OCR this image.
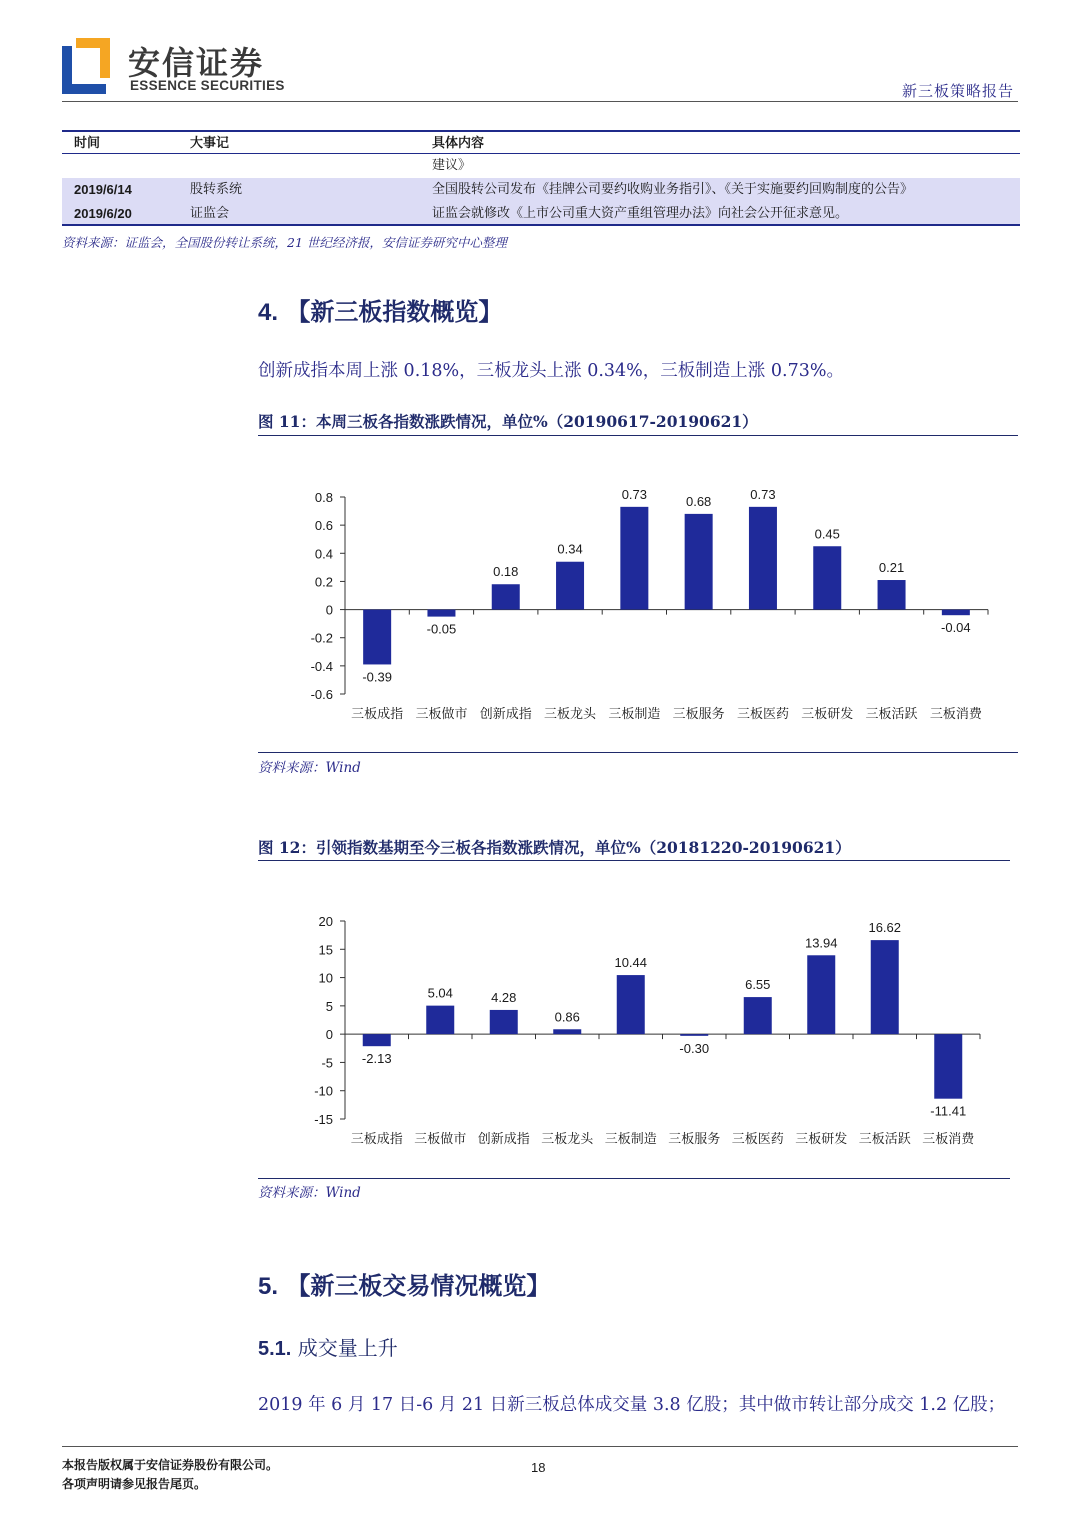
安信证券
ESSENCE SECURITIES	新三板策略报告
时间	大事记	具体内容
建议》
2019/6/14	股转系统	全国股转公司发布《挂牌公司要约收购业务指引》、《关于实施要约回购制度的公告》
2019/6/20	证监会	证监会就修改《上市公司重大资产重组管理办法》向社会公开征求意见。
资料来源：证监会，全国股份转让系统，21 世纪经济报，安信证券研究中心整理
4. 【新三板指数概览】
创新成指本周上涨 0.18%，三板龙头上涨 0.34%，三板制造上涨 0.73%。
图 11：本周三板各指数涨跌情况，单位%（20190617-20190621）
0.8
0.6
0.4
0.2
0
-0.2
-0.4
-0.6
-0.39
三板成指
-0.05
三板做市
0.18
创新成指
0.34
三板龙头
0.73
三板制造
0.68
三板服务
0.73
三板医药
0.45
三板研发
0.21
三板活跃
-0.04
三板消费
资料来源：Wind
图 12：引领指数基期至今三板各指数涨跌情况，单位%（20181220-20190621）
20
15
10
5
0
-5
-10
-15
-2.13
三板成指
5.04
三板做市
4.28
创新成指
0.86
三板龙头
10.44
三板制造
-0.30
三板服务
6.55
三板医药
13.94
三板研发
16.62
三板活跃
-11.41
三板消费
资料来源：Wind
5. 【新三板交易情况概览】
5.1. 成交量上升
2019 年 6 月 17 日-6 月 21 日新三板总体成交量 3.8 亿股；其中做市转让部分成交 1.2 亿股；
本报告版权属于安信证券股份有限公司。
各项声明请参见报告尾页。
18
